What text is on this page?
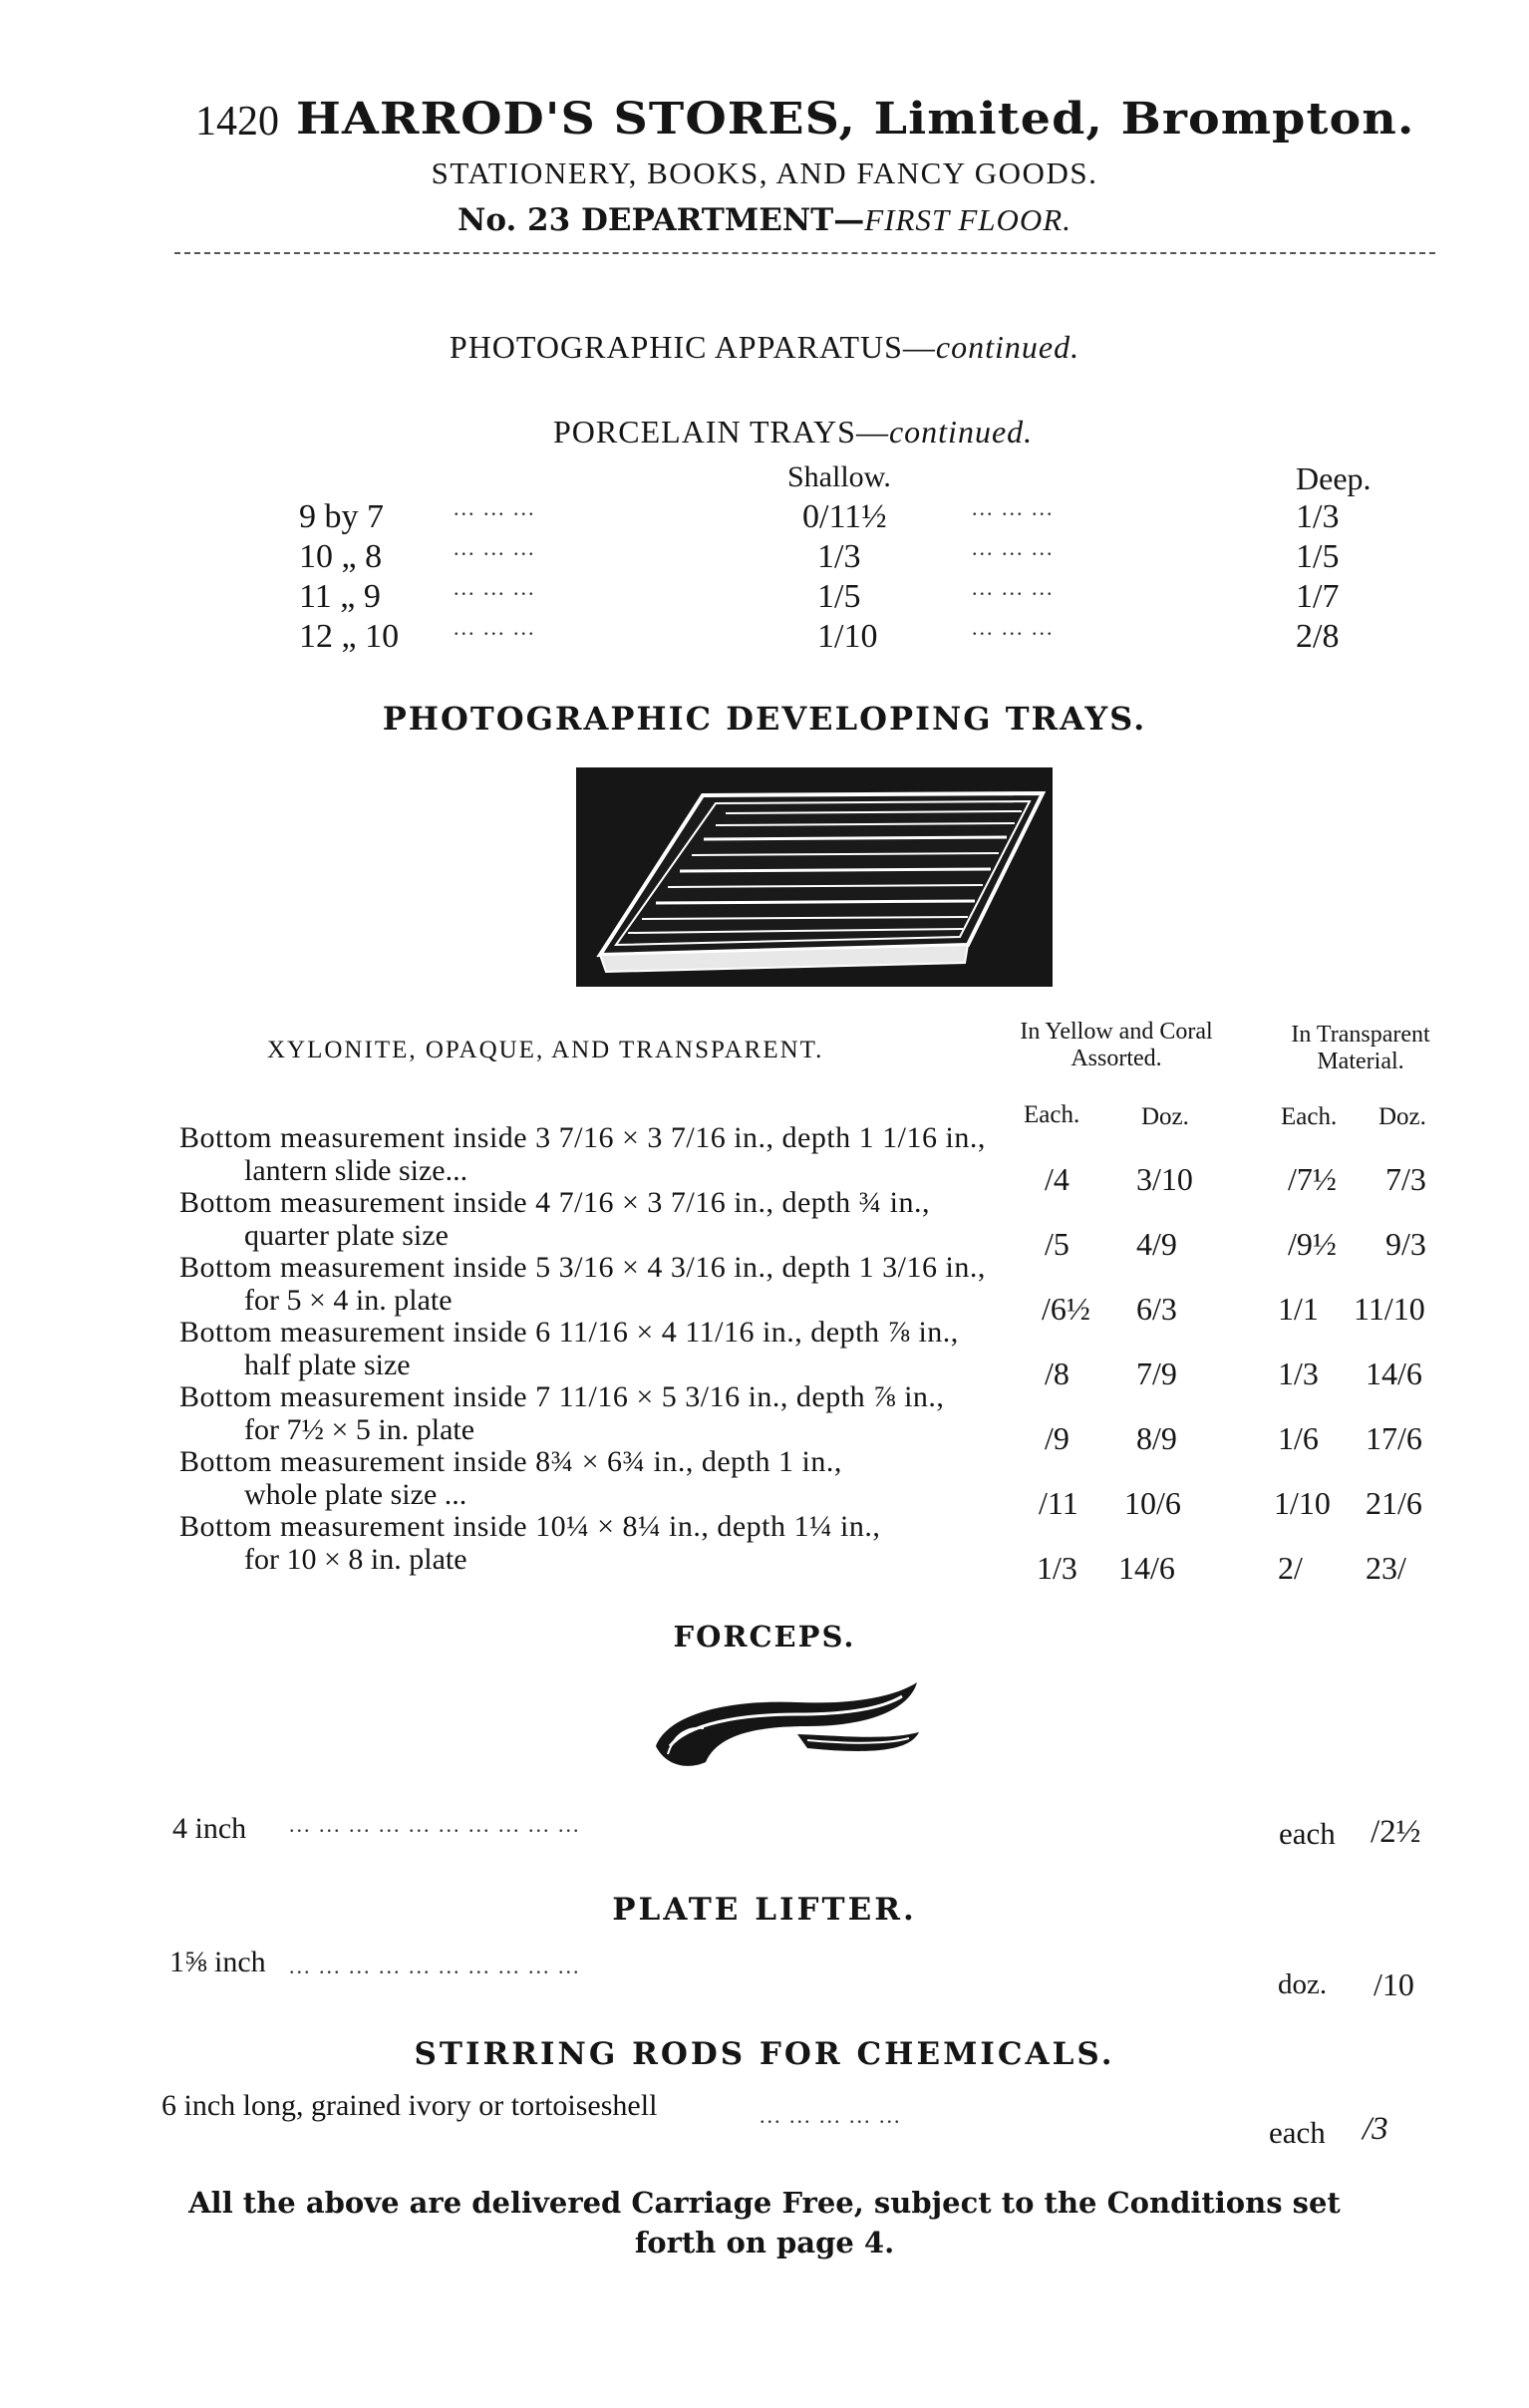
1420 HARROD'S STORES, Limited, Brompton.
STATIONERY, BOOKS, AND FANCY GOODS.
No. 23 DEPARTMENT—FIRST FLOOR.
PHOTOGRAPHIC APPARATUS—continued.
PORCELAIN TRAYS—continued.
Shallow.	Deep.
9 by 7	... ... ...	0/11½	... ... ...	1/3
10 „ 8	... ... ...	1/3	... ... ...	1/5
11 „ 9	... ... ...	1/5	... ... ...	1/7
12 „ 10 ... ... ...	1/10	... ... ...	2/8
PHOTOGRAPHIC DEVELOPING TRAYS.
XYLONITE, OPAQUE, AND TRANSPARENT.
In Yellow and Coral Assorted.
In Transparent Material.
Each. Doz.	Each. Doz.
Bottom measurement inside 3 7/16 × 3 7/16 in., depth 1 1/16 in.,
lantern slide size...	/4 3/10	/7½ 7/3
Bottom measurement inside 4 7/16 × 3 7/16 in., depth ¾ in.,
quarter plate size	/5 4/9	/9½ 9/3
Bottom measurement inside 5 3/16 × 4 3/16 in., depth 1 3/16 in.,
for 5 × 4 in. plate	/6½ 6/3	1/1 11/10
Bottom measurement inside 6 11/16 × 4 11/16 in., depth ⅞ in.,
half plate size	/8 7/9	1/3 14/6
Bottom measurement inside 7 11/16 × 5 3/16 in., depth ⅞ in.,
for 7½ × 5 in. plate	/9 8/9	1/6 17/6
Bottom measurement inside 8¾ × 6¾ in., depth 1 in.,
whole plate size ...	/11 10/6	1/10 21/6
Bottom measurement inside 10¼ × 8¼ in., depth 1¼ in.,
for 10 × 8 in. plate	1/3 14/6	2/ 23/
FORCEPS.
4 inch ... ... ... ... ... ... ... ... ... ...	each /2½
PLATE LIFTER.
1⅝ inch ... ... ... ... ... ... ... ... ... ...
doz. /10
STIRRING RODS FOR CHEMICALS.
6 inch long, grained ivory or tortoiseshell	... ... ... ... ...	each /3
All the above are delivered Carriage Free, subject to the Conditions set
forth on page 4.
